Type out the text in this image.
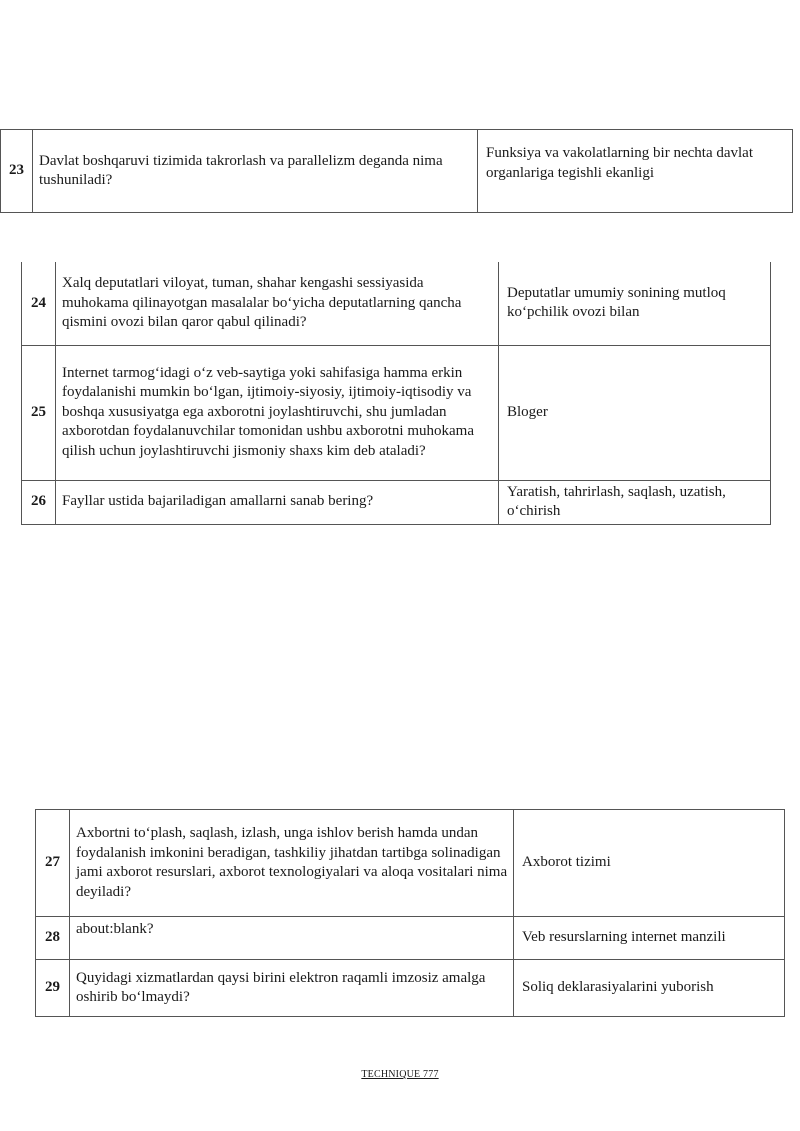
23	Davlat boshqaruvi tizimida takrorlash va parallelizm deganda nima tushuniladi?	Funksiya va vakolatlarning bir nechta davlat organlariga tegishli ekanligi
24	Xalq deputatlari viloyat, tuman, shahar kengashi sessiyasida muhokama qilinayotgan masalalar bo‘yicha deputatlarning qancha qismini ovozi bilan qaror qabul qilinadi?	Deputatlar umumiy sonining mutloq ko‘pchilik ovozi bilan
25	Internet tarmog‘idagi o‘z veb-saytiga yoki sahifasiga hamma erkin foydalanishi mumkin bo‘lgan, ijtimoiy-siyosiy, ijtimoiy-iqtisodiy va boshqa xususiyatga ega axborotni joylashtiruvchi, shu jumladan axborotdan foydalanuvchilar tomonidan ushbu axborotni muhokama qilish uchun joylashtiruvchi jismoniy shaxs kim deb ataladi?	Bloger
26	Fayllar ustida bajariladigan amallarni sanab bering?	Yaratish, tahrirlash, saqlash, uzatish, o‘chirish
27	Axbortni to‘plash, saqlash, izlash, unga ishlov berish hamda undan foydalanish imkonini beradigan, tashkiliy jihatdan tartibga solinadigan jami axborot resurslari, axborot texnologiyalari va aloqa vositalari nima deyiladi?	Axborot tizimi
28	about:blank?	Veb resurslarning internet manzili
29	Quyidagi xizmatlardan qaysi birini elektron raqamli imzosiz amalga oshirib bo‘lmaydi?	Soliq deklarasiyalarini yuborish
TECHNIQUE 777
